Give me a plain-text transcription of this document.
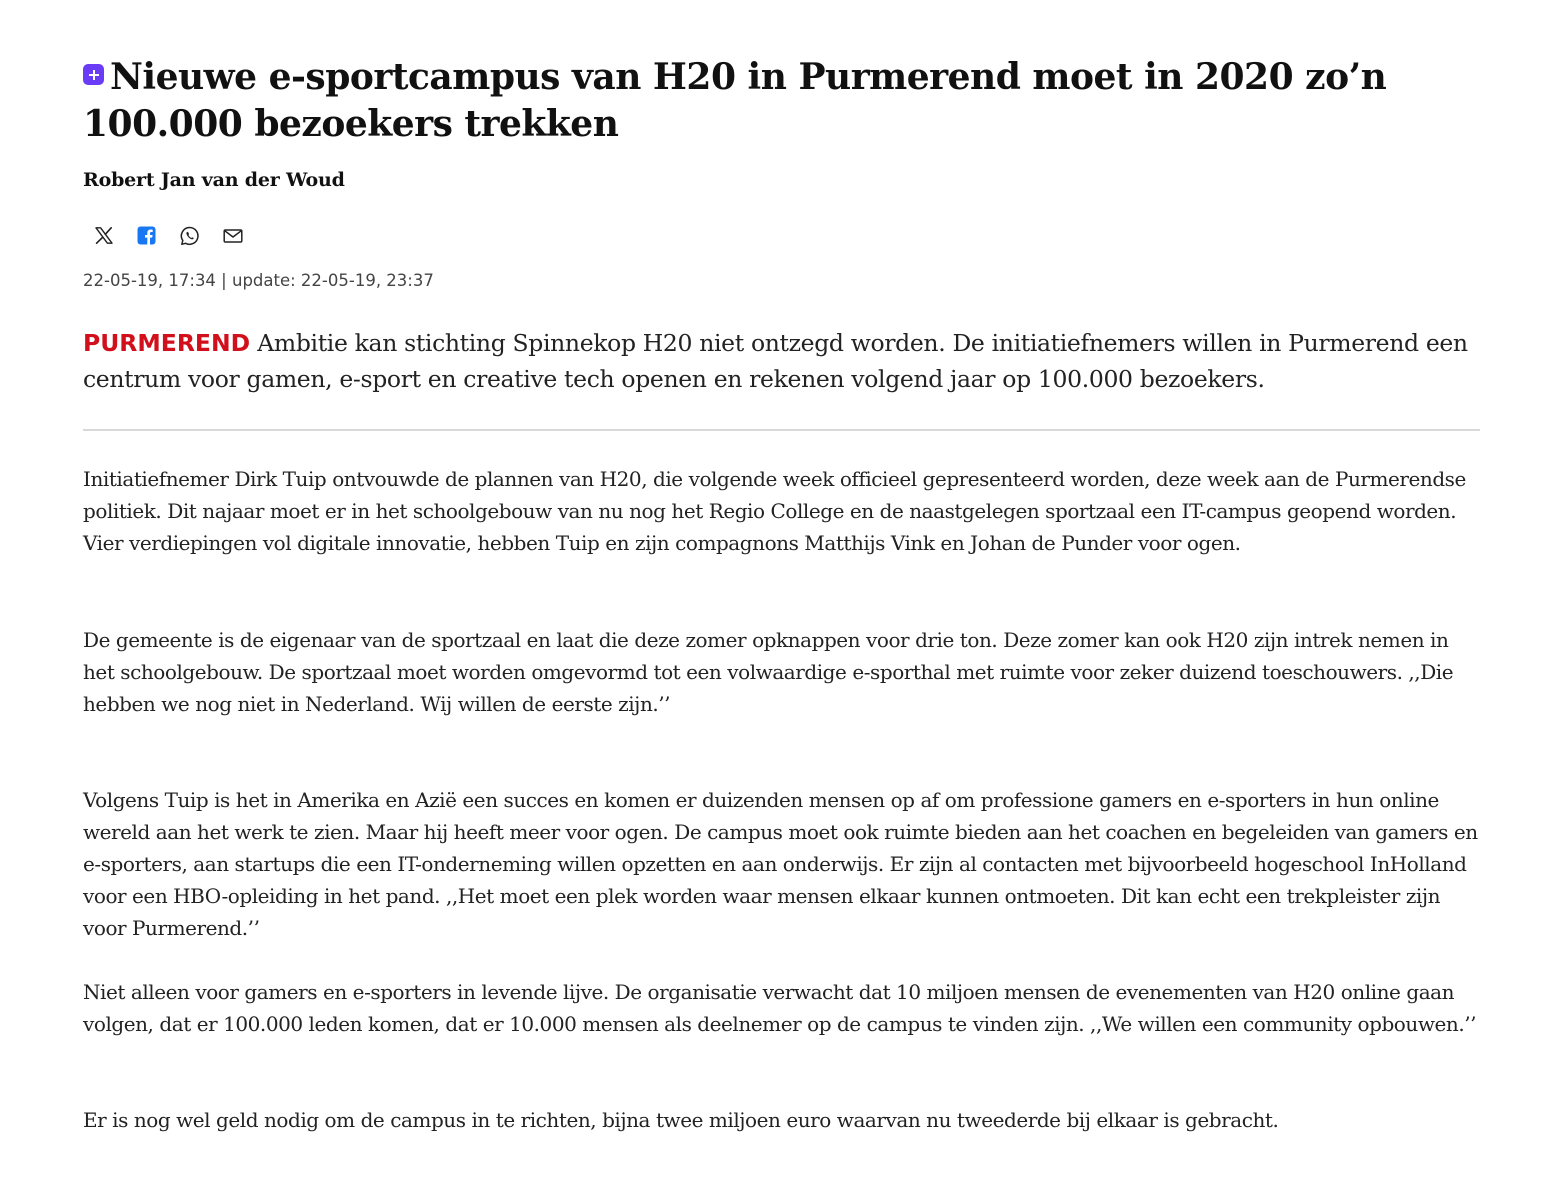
Nieuwe e-sportcampus van H20 in Purmerend moet in 2020 zo’n 100.000 bezoekers trekken
Robert Jan van der Woud
22-05-19, 17:34 | update: 22-05-19, 23:37

PURMEREND Ambitie kan stichting Spinnekop H20 niet ontzegd worden. De initiatiefnemers willen in Purmerend een centrum voor gamen, e-sport en creative tech openen en rekenen volgend jaar op 100.000 bezoekers.

Initiatiefnemer Dirk Tuip ontvouwde de plannen van H20, die volgende week officieel gepresenteerd worden, deze week aan de Purmerendse politiek. Dit najaar moet er in het schoolgebouw van nu nog het Regio College en de naastgelegen sportzaal een IT-campus geopend worden. Vier verdiepingen vol digitale innovatie, hebben Tuip en zijn compagnons Matthijs Vink en Johan de Punder voor ogen.

De gemeente is de eigenaar van de sportzaal en laat die deze zomer opknappen voor drie ton. Deze zomer kan ook H20 zijn intrek nemen in het schoolgebouw. De sportzaal moet worden omgevormd tot een volwaardige e-sporthal met ruimte voor zeker duizend toeschouwers. ,,Die hebben we nog niet in Nederland. Wij willen de eerste zijn.’’

Volgens Tuip is het in Amerika en Azië een succes en komen er duizenden mensen op af om professione gamers en e-sporters in hun online wereld aan het werk te zien. Maar hij heeft meer voor ogen. De campus moet ook ruimte bieden aan het coachen en begeleiden van gamers en e-sporters, aan startups die een IT-onderneming willen opzetten en aan onderwijs. Er zijn al contacten met bijvoorbeeld hogeschool InHolland voor een HBO-opleiding in het pand. ,,Het moet een plek worden waar mensen elkaar kunnen ontmoeten. Dit kan echt een trekpleister zijn voor Purmerend.’’

Niet alleen voor gamers en e-sporters in levende lijve. De organisatie verwacht dat 10 miljoen mensen de evenementen van H20 online gaan volgen, dat er 100.000 leden komen, dat er 10.000 mensen als deelnemer op de campus te vinden zijn. ,,We willen een community opbouwen.’’

Er is nog wel geld nodig om de campus in te richten, bijna twee miljoen euro waarvan nu tweederde bij elkaar is gebracht.
